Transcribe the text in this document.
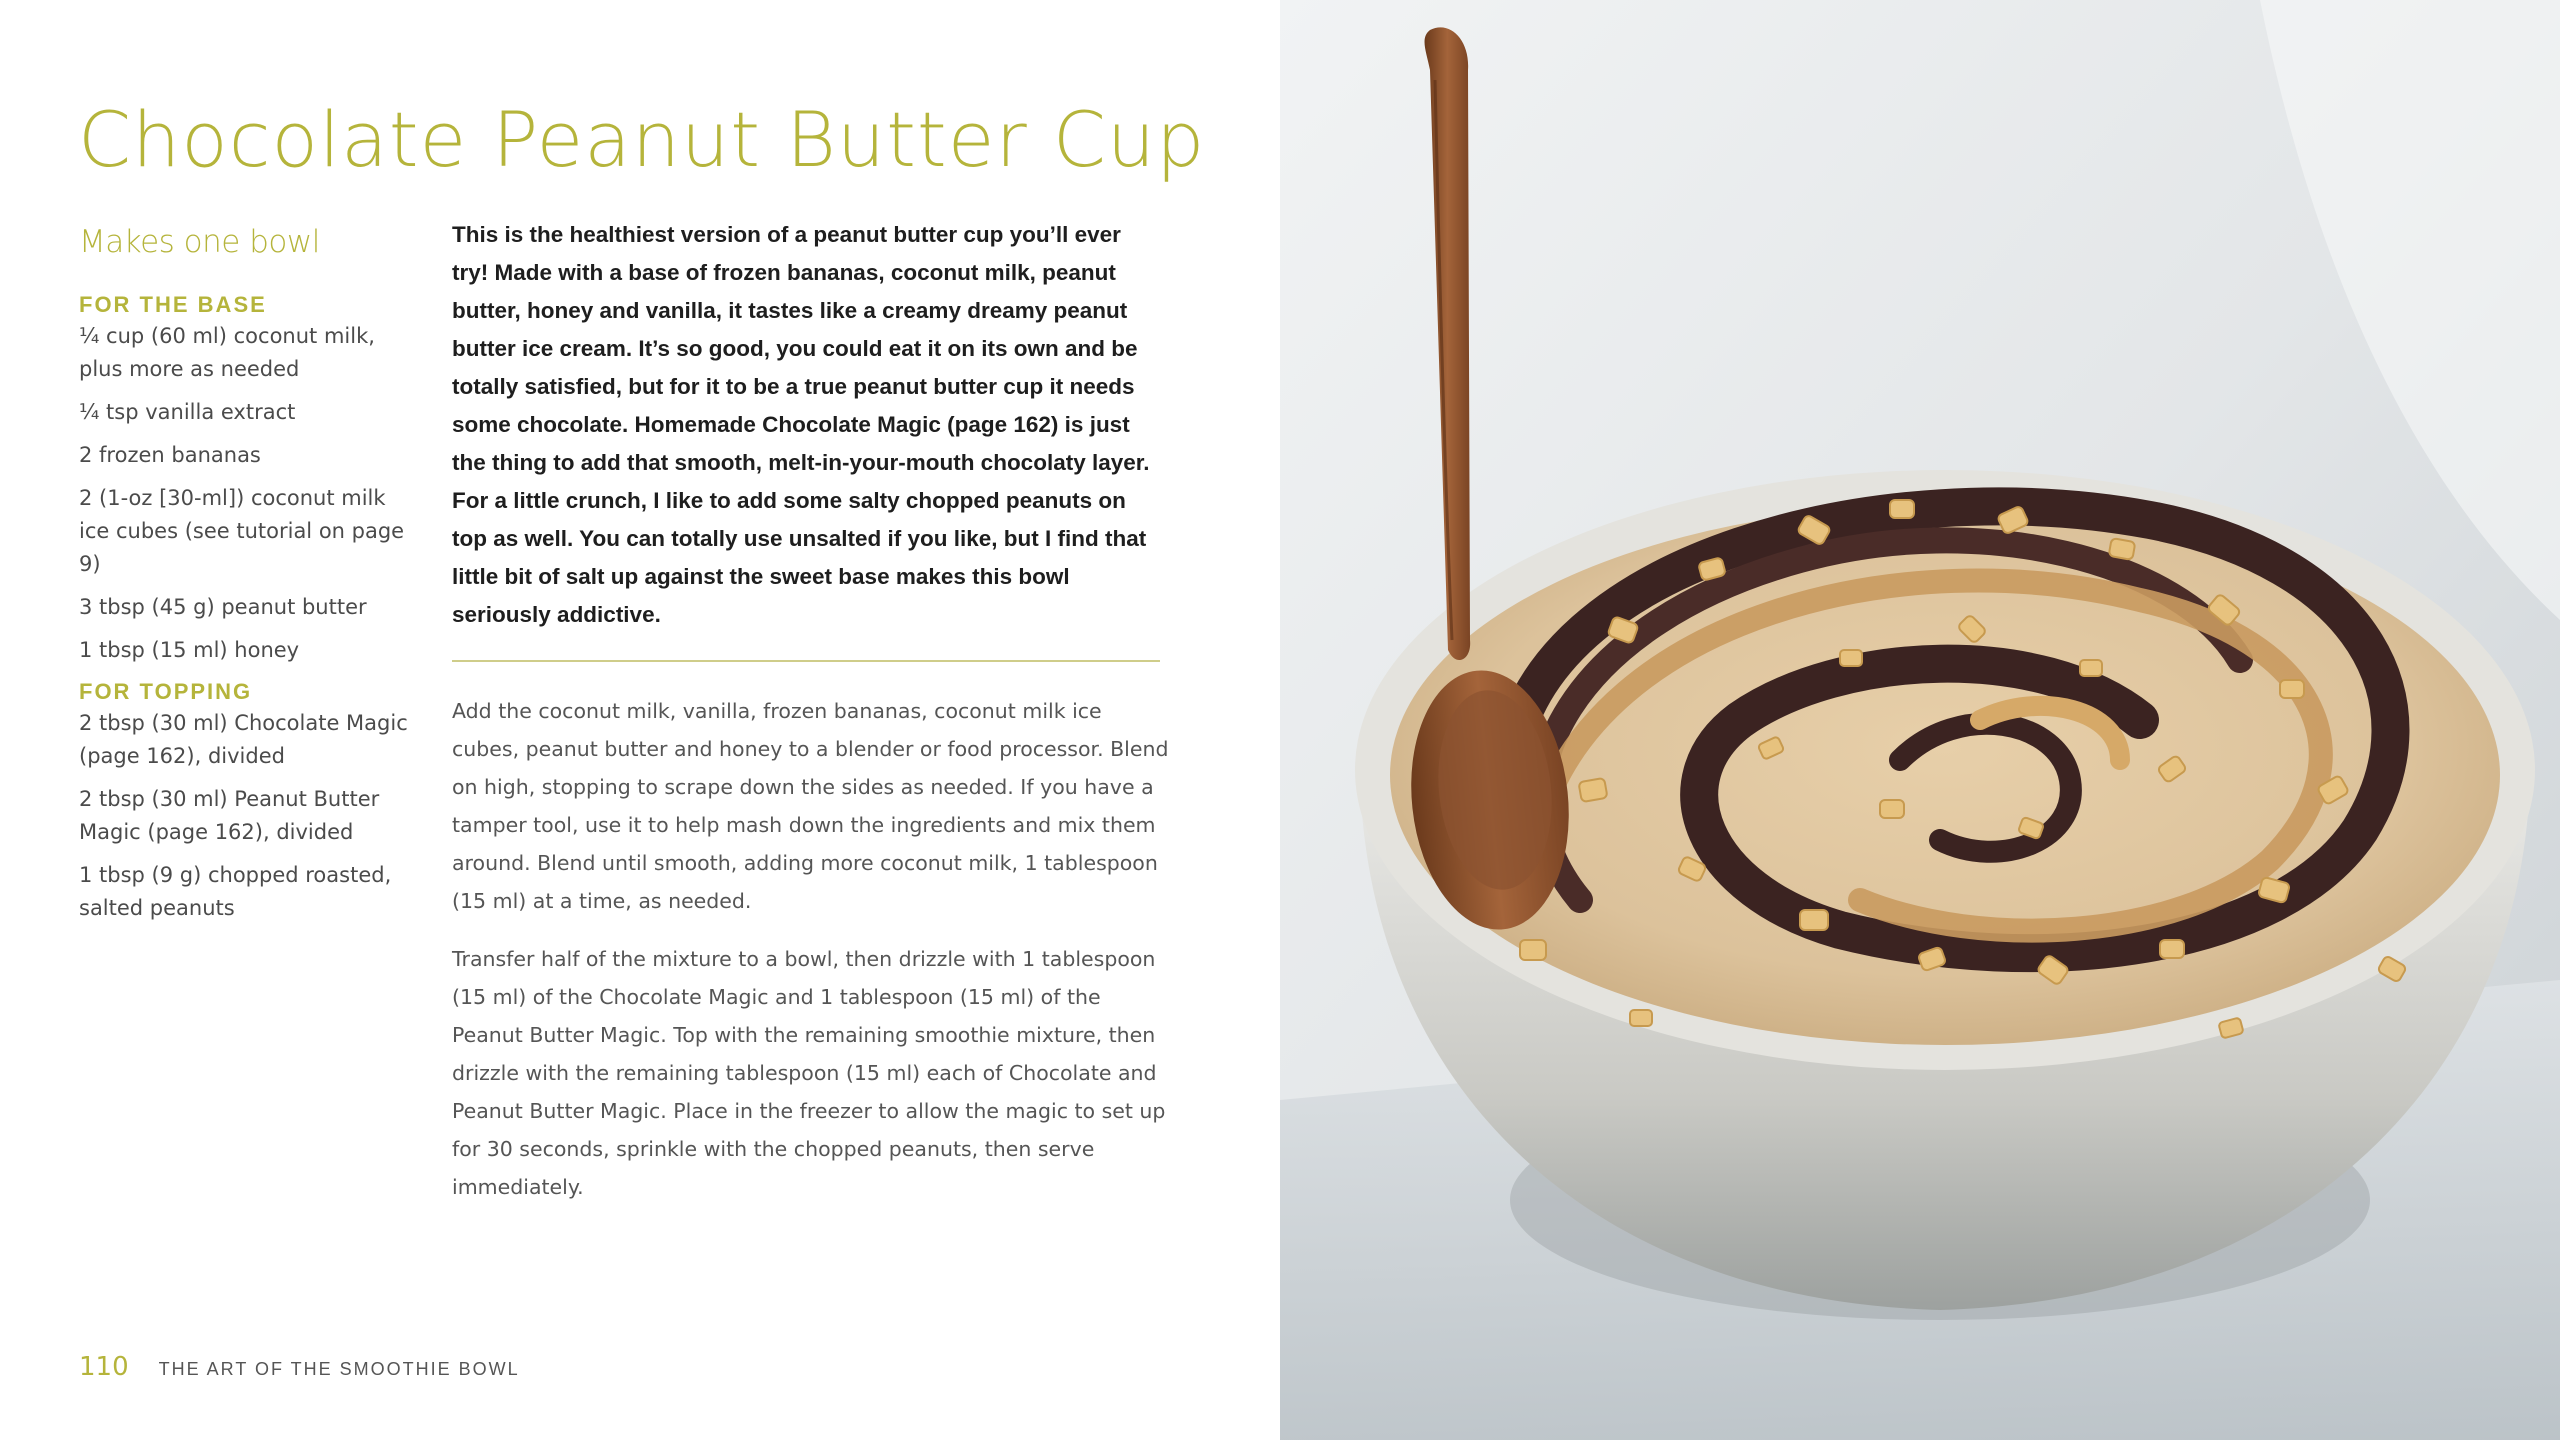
Chocolate Peanut Butter Cup

Makes one bowl

FOR THE BASE
¼ cup (60 ml) coconut milk, plus more as needed
¼ tsp vanilla extract
2 frozen bananas
2 (1-oz [30-ml]) coconut milk ice cubes (see tutorial on page 9)
3 tbsp (45 g) peanut butter
1 tbsp (15 ml) honey
FOR TOPPING
2 tbsp (30 ml) Chocolate Magic (page 162), divided
2 tbsp (30 ml) Peanut Butter Magic (page 162), divided
1 tbsp (9 g) chopped roasted, salted peanuts

This is the healthiest version of a peanut butter cup you’ll ever try! Made with a base of frozen bananas, coconut milk, peanut butter, honey and vanilla, it tastes like a creamy dreamy peanut butter ice cream. It’s so good, you could eat it on its own and be totally satisfied, but for it to be a true peanut butter cup it needs some chocolate. Homemade Chocolate Magic (page 162) is just the thing to add that smooth, melt-in-your-mouth chocolaty layer. For a little crunch, I like to add some salty chopped peanuts on top as well. You can totally use unsalted if you like, but I find that little bit of salt up against the sweet base makes this bowl seriously addictive.

Add the coconut milk, vanilla, frozen bananas, coconut milk ice cubes, peanut butter and honey to a blender or food processor. Blend on high, stopping to scrape down the sides as needed. If you have a tamper tool, use it to help mash down the ingredients and mix them around. Blend until smooth, adding more coconut milk, 1 tablespoon (15 ml) at a time, as needed.

Transfer half of the mixture to a bowl, then drizzle with 1 tablespoon (15 ml) of the Chocolate Magic and 1 tablespoon (15 ml) of the Peanut Butter Magic. Top with the remaining smoothie mixture, then drizzle with the remaining tablespoon (15 ml) each of Chocolate and Peanut Butter Magic. Place in the freezer to allow the magic to set up for 30 seconds, sprinkle with the chopped peanuts, then serve immediately.

110 THE ART OF THE SMOOTHIE BOWL
